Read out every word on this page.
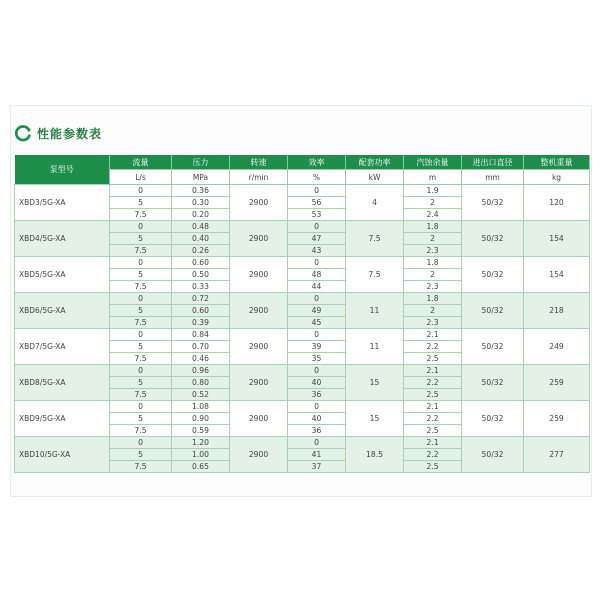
性能参数表
泵型号	流量	压力	转速	效率	配套功率	汽蚀余量	进出口直径	整机重量
	L/s	MPa	r/min	%	kW	m	mm	kg
XBD3/5G-XA	0	0.36	2900	0	4	1.9	50/32	120
	5	0.30		56		2		
	7.5	0.20		53		2.4		
XBD4/5G-XA	0	0.48	2900	0	7.5	1.8	50/32	154
	5	0.40		47		2		
	7.5	0.26		43		2.3		
XBD5/5G-XA	0	0.60	2900	0	7.5	1.8	50/32	154
	5	0.50		48		2		
	7.5	0.33		44		2.3		
XBD6/5G-XA	0	0.72	2900	0	11	1.8	50/32	218
	5	0.60		49		2		
	7.5	0.39		45		2.3		
XBD7/5G-XA	0	0.84	2900	0	11	2.1	50/32	249
	5	0.70		39		2.2		
	7.5	0.46		35		2.5		
XBD8/5G-XA	0	0.96	2900	0	15	2.1	50/32	259
	5	0.80		40		2.2		
	7.5	0.52		36		2.5		
XBD9/5G-XA	0	1.08	2900	0	15	2.1	50/32	259
	5	0.90		40		2.2		
	7.5	0.59		36		2.5		
XBD10/5G-XA	0	1.20	2900	0	18.5	2.1	50/32	277
	5	1.00		41		2.2		
	7.5	0.65		37		2.5		
